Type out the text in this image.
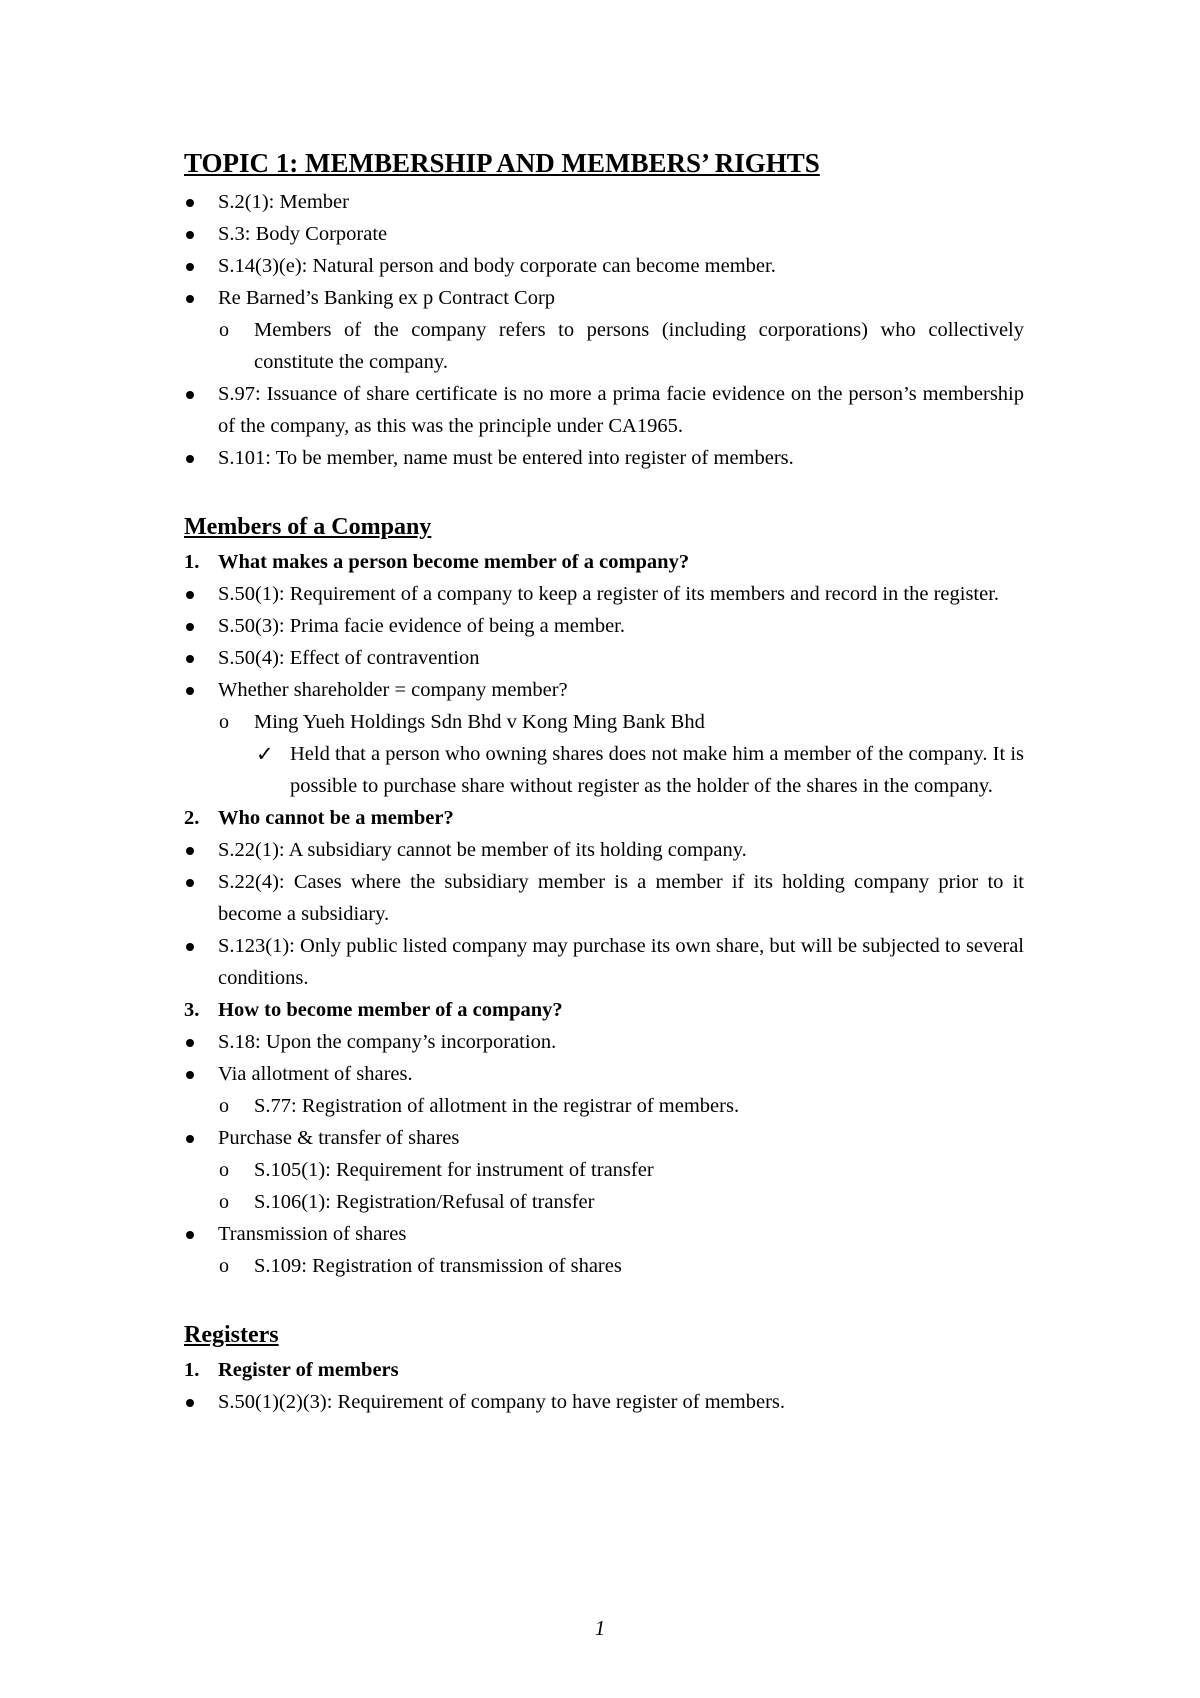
TOPIC 1: MEMBERSHIP AND MEMBERS’ RIGHTS
S.2(1): Member
S.3: Body Corporate
S.14(3)(e): Natural person and body corporate can become member.
Re Barned’s Banking ex p Contract Corp
o Members of the company refers to persons (including corporations) who collectively constitute the company.
S.97: Issuance of share certificate is no more a prima facie evidence on the person’s membership of the company, as this was the principle under CA1965.
S.101: To be member, name must be entered into register of members.
Members of a Company
1. What makes a person become member of a company?
S.50(1): Requirement of a company to keep a register of its members and record in the register.
S.50(3): Prima facie evidence of being a member.
S.50(4): Effect of contravention
Whether shareholder = company member?
o Ming Yueh Holdings Sdn Bhd v Kong Ming Bank Bhd
✓ Held that a person who owning shares does not make him a member of the company. It is possible to purchase share without register as the holder of the shares in the company.
2. Who cannot be a member?
S.22(1): A subsidiary cannot be member of its holding company.
S.22(4): Cases where the subsidiary member is a member if its holding company prior to it become a subsidiary.
S.123(1): Only public listed company may purchase its own share, but will be subjected to several conditions.
3. How to become member of a company?
S.18: Upon the company’s incorporation.
Via allotment of shares.
o S.77: Registration of allotment in the registrar of members.
Purchase & transfer of shares
o S.105(1): Requirement for instrument of transfer
o S.106(1): Registration/Refusal of transfer
Transmission of shares
o S.109: Registration of transmission of shares
Registers
1. Register of members
S.50(1)(2)(3): Requirement of company to have register of members.
1
